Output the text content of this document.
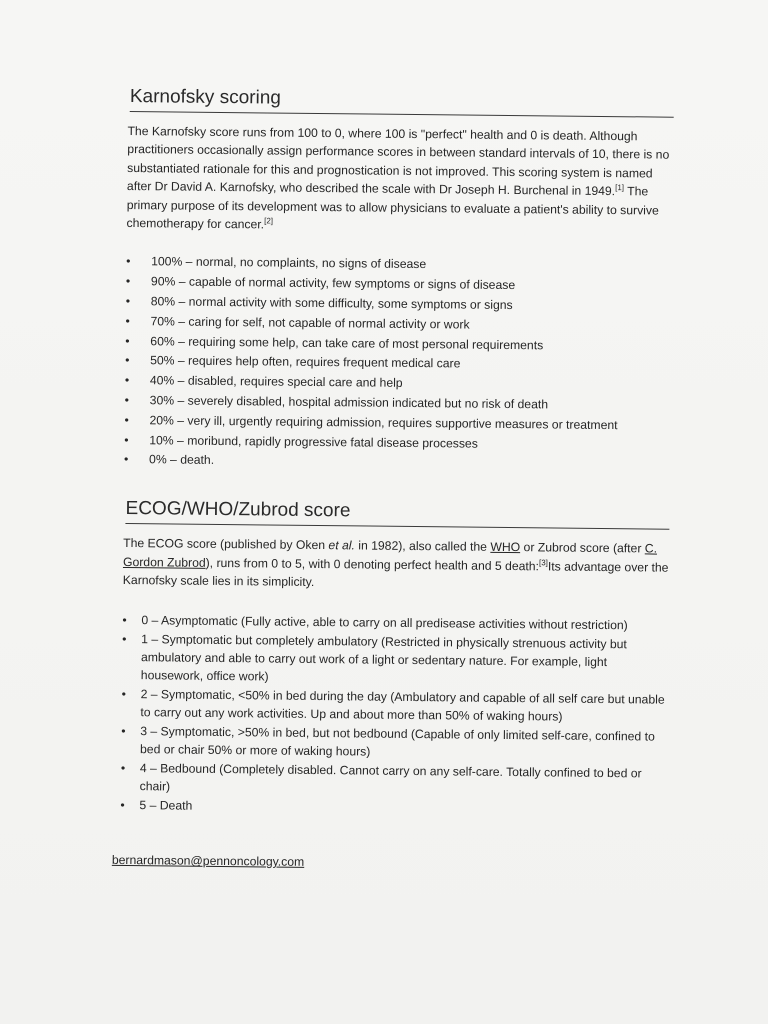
Karnofsky scoring

The Karnofsky score runs from 100 to 0, where 100 is "perfect" health and 0 is death. Although practitioners occasionally assign performance scores in between standard intervals of 10, there is no substantiated rationale for this and prognostication is not improved. This scoring system is named after Dr David A. Karnofsky, who described the scale with Dr Joseph H. Burchenal in 1949.[1] The primary purpose of its development was to allow physicians to evaluate a patient's ability to survive chemotherapy for cancer.[2]

• 100% – normal, no complaints, no signs of disease
• 90% – capable of normal activity, few symptoms or signs of disease
• 80% – normal activity with some difficulty, some symptoms or signs
• 70% – caring for self, not capable of normal activity or work
• 60% – requiring some help, can take care of most personal requirements
• 50% – requires help often, requires frequent medical care
• 40% – disabled, requires special care and help
• 30% – severely disabled, hospital admission indicated but no risk of death
• 20% – very ill, urgently requiring admission, requires supportive measures or treatment
• 10% – moribund, rapidly progressive fatal disease processes
• 0% – death.
ECOG/WHO/Zubrod score

The ECOG score (published by Oken et al. in 1982), also called the WHO or Zubrod score (after C. Gordon Zubrod), runs from 0 to 5, with 0 denoting perfect health and 5 death:[3]Its advantage over the Karnofsky scale lies in its simplicity.

• 0 – Asymptomatic (Fully active, able to carry on all predisease activities without restriction)
• 1 – Symptomatic but completely ambulatory (Restricted in physically strenuous activity but ambulatory and able to carry out work of a light or sedentary nature. For example, light housework, office work)
• 2 – Symptomatic, <50% in bed during the day (Ambulatory and capable of all self care but unable to carry out any work activities. Up and about more than 50% of waking hours)
• 3 – Symptomatic, >50% in bed, but not bedbound (Capable of only limited self-care, confined to bed or chair 50% or more of waking hours)
• 4 – Bedbound (Completely disabled. Cannot carry on any self-care. Totally confined to bed or chair)
• 5 – Death
bernardmason@pennoncology.com
